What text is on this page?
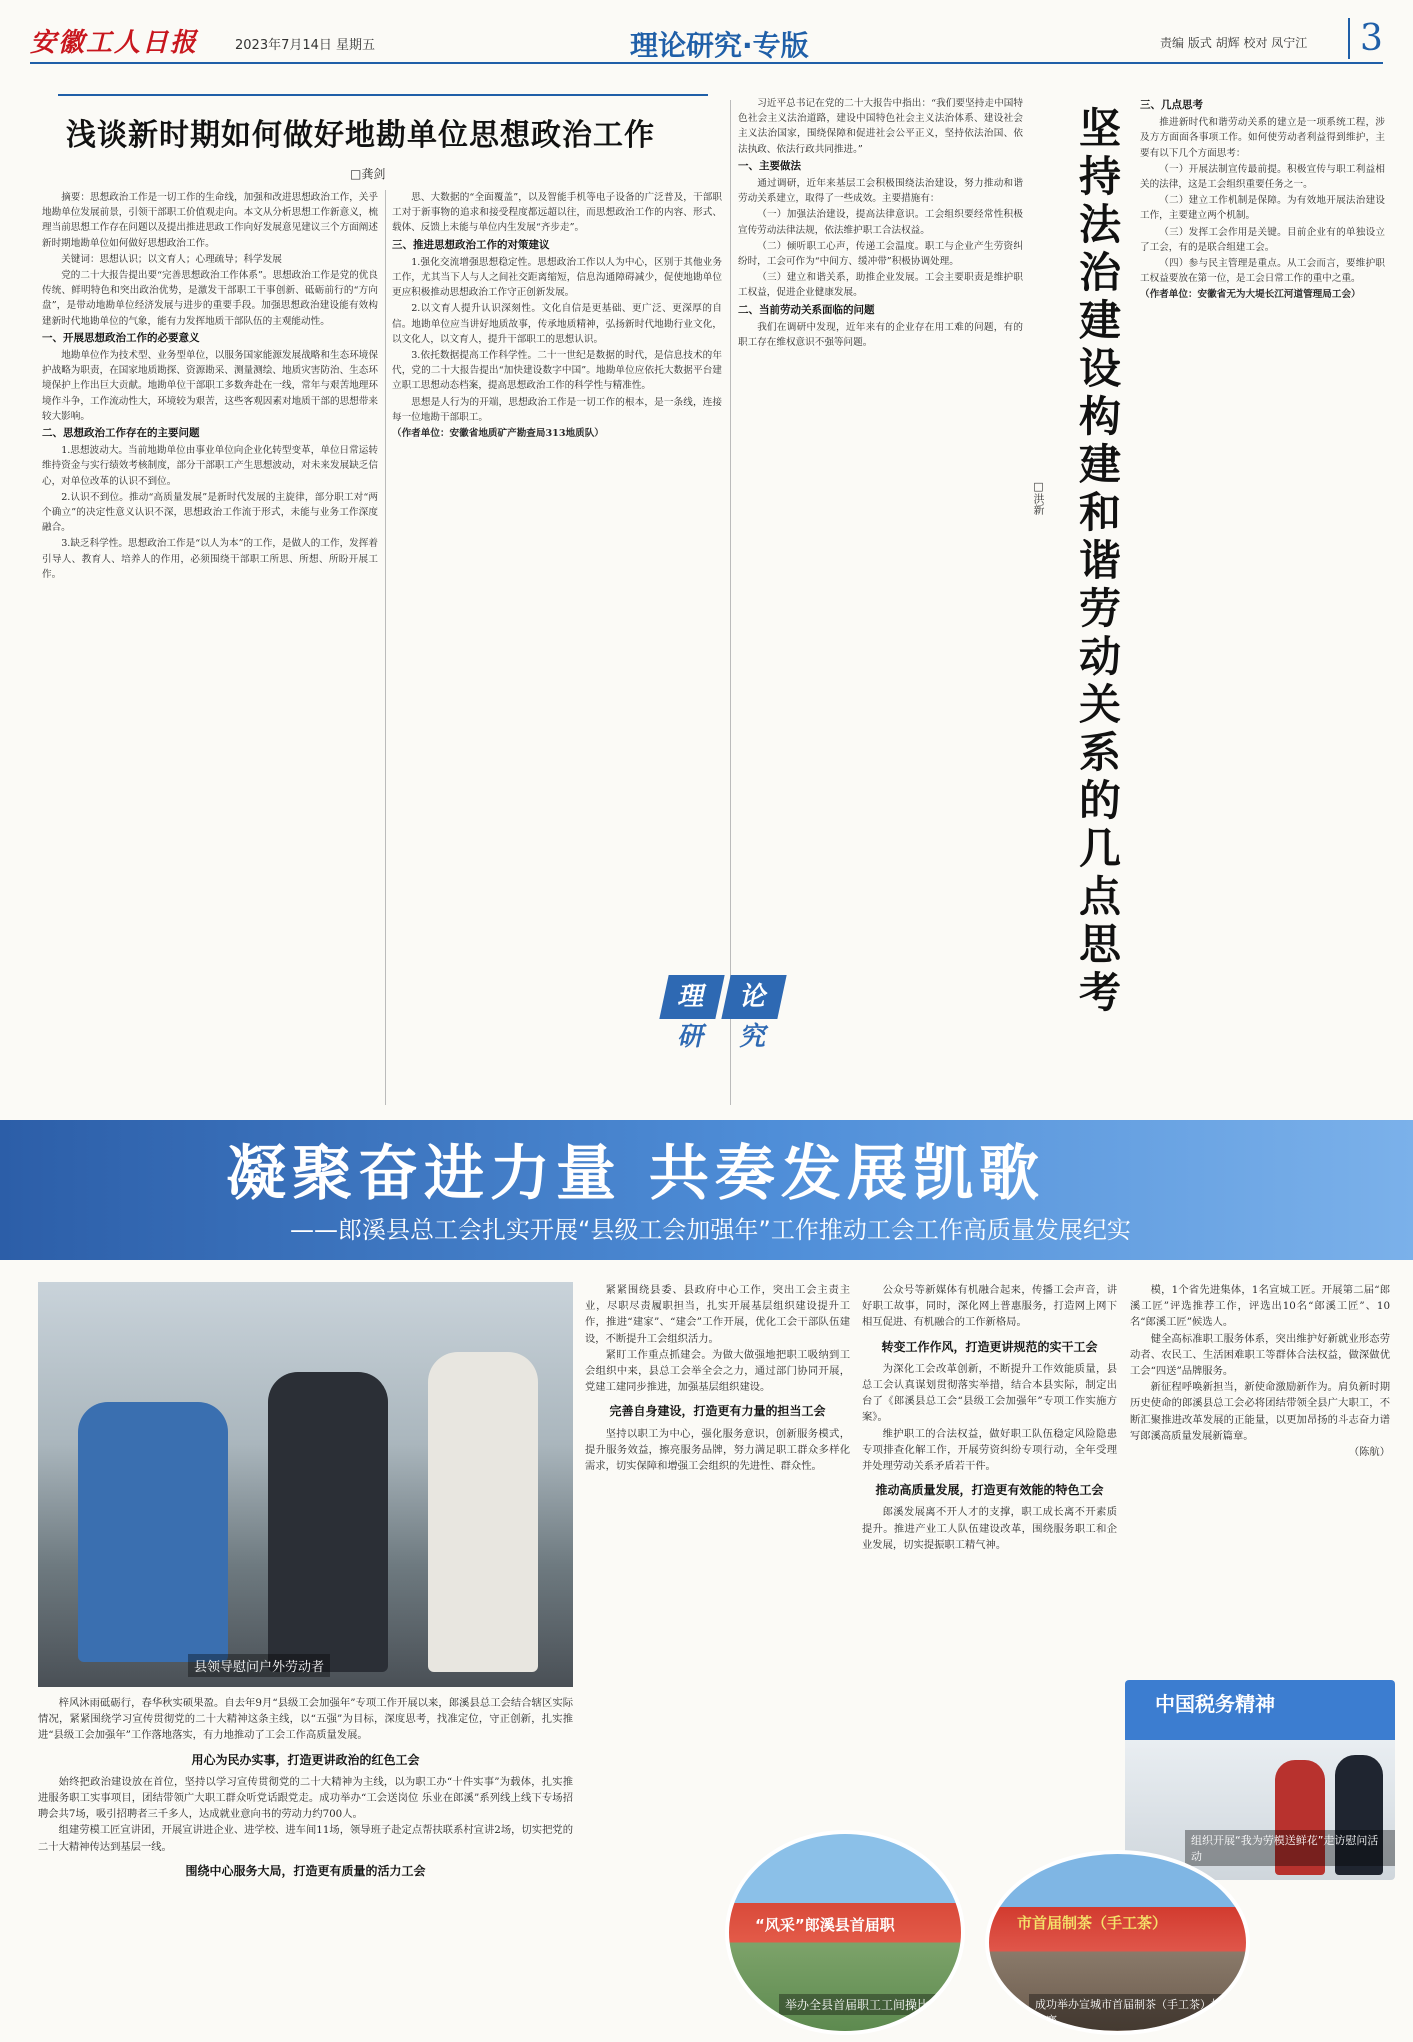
安徽工人日报	2023年7月14日 星期五	理论研究·专版	责编 版式 胡辉 校对 凤宁江	3
浅谈新时期如何做好地勘单位思想政治工作
□龚剑

摘要：思想政治工作是一切工作的生命线，加强和改进思想政治工作，关乎地勘单位发展前景，引领干部职工价值观走向。本文从分析思想工作新意义，梳理当前思想工作存在问题以及提出推进思政工作向好发展意见建议三个方面阐述新时期地勘单位如何做好思想政治工作。

关键词：思想认识；以文育人；心理疏导；科学发展

党的二十大报告提出要“完善思想政治工作体系”。思想政治工作是党的优良传统、鲜明特色和突出政治优势，是激发干部职工干事创新、砥砺前行的“方向盘”，是带动地勘单位经济发展与进步的重要手段。加强思想政治建设能有效构建新时代地勘单位的气象，能有力发挥地质干部队伍的主观能动性。

一、开展思想政治工作的必要意义

地勘单位作为技术型、业务型单位，以服务国家能源发展战略和生态环境保护战略为职责，在国家地质勘探、资源勘采、测量测绘、地质灾害防治、生态环境保护上作出巨大贡献。地勘单位干部职工多数奔赴在一线，常年与艰苦地理环境作斗争，工作流动性大，环境较为艰苦，这些客观因素对地质干部的思想带来较大影响。

二、思想政治工作存在的主要问题

1.思想波动大。当前地勘单位由事业单位向企业化转型变革，单位日常运转维持资金与实行绩效考核制度，部分干部职工产生思想波动，对未来发展缺乏信心，对单位改革的认识不到位。

2.认识不到位。推动“高质量发展”是新时代发展的主旋律，部分职工对“两个确立”的决定性意义认识不深，思想政治工作流于形式，未能与业务工作深度融合。

3.缺乏科学性。思想政治工作是“以人为本”的工作，是做人的工作，发挥着引导人、教育人、培养人的作用，必须围绕干部职工所思、所想、所盼开展工作。

思、大数据的“全面覆盖”，以及智能手机等电子设备的广泛普及，干部职工对于新事物的追求和接受程度都远超以往，而思想政治工作的内容、形式、载体、反馈上未能与单位内生发展“齐步走”。

三、推进思想政治工作的对策建议

1.强化交流增强思想稳定性。思想政治工作以人为中心，区别于其他业务工作，尤其当下人与人之间社交距离缩短，信息沟通障碍减少，促使地勘单位更应积极推动思想政治工作守正创新发展。

2.以文育人提升认识深刻性。文化自信是更基础、更广泛、更深厚的自信。地勘单位应当讲好地质故事，传承地质精神，弘扬新时代地勘行业文化，以文化人，以文育人，提升干部职工的思想认识。

3.依托数据提高工作科学性。二十一世纪是数据的时代，是信息技术的年代，党的二十大报告提出“加快建设数字中国”。地勘单位应依托大数据平台建立职工思想动态档案，提高思想政治工作的科学性与精准性。

思想是人行为的开端，思想政治工作是一切工作的根本，是一条线，连接每一位地勘干部职工。

（作者单位：安徽省地质矿产勘查局313地质队）

理	论
研	究

习近平总书记在党的二十大报告中指出：“我们要坚持走中国特色社会主义法治道路，建设中国特色社会主义法治体系、建设社会主义法治国家，围绕保障和促进社会公平正义，坚持依法治国、依法执政、依法行政共同推进。”

一、主要做法

通过调研，近年来基层工会积极围绕法治建设，努力推动和谐劳动关系建立，取得了一些成效。主要措施有：

（一）加强法治建设，提高法律意识。工会组织要经常性积极宣传劳动法律法规，依法维护职工合法权益。

（二）倾听职工心声，传递工会温度。职工与企业产生劳资纠纷时，工会可作为“中间方、缓冲带”积极协调处理。

（三）建立和谐关系，助推企业发展。工会主要职责是维护职工权益，促进企业健康发展。

二、当前劳动关系面临的问题

我们在调研中发现，近年来有的企业存在用工难的问题，有的职工存在维权意识不强等问题。	坚持法治建设构建和谐劳动关系的几点思考
□洪新
三、几点思考

推进新时代和谐劳动关系的建立是一项系统工程，涉及方方面面各事项工作。如何使劳动者利益得到维护，主要有以下几个方面思考：

（一）开展法制宣传最前提。积极宣传与职工利益相关的法律，这是工会组织重要任务之一。

（二）建立工作机制是保障。为有效地开展法治建设工作，主要建立两个机制。

（三）发挥工会作用是关键。目前企业有的单独设立了工会，有的是联合组建工会。

（四）参与民主管理是重点。从工会而言，要维护职工权益要放在第一位，是工会日常工作的重中之重。

（作者单位：安徽省无为大堤长江河道管理局工会）

凝聚奋进力量 共奏发展凯歌
——郎溪县总工会扎实开展“县级工会加强年”工作推动工会工作高质量发展纪实
县领导慰问户外劳动者

梓风沐雨砥砺行，春华秋实硕果盈。自去年9月“县级工会加强年”专项工作开展以来，郎溪县总工会结合辖区实际情况，紧紧围绕学习宣传贯彻党的二十大精神这条主线，以“五强”为目标，深度思考，找准定位，守正创新，扎实推进“县级工会加强年”工作落地落实，有力地推动了工会工作高质量发展。

用心为民办实事，打造更讲政治的红色工会

始终把政治建设放在首位，坚持以学习宣传贯彻党的二十大精神为主线，以为职工办“十件实事”为载体，扎实推进服务职工实事项目，团结带领广大职工群众听党话跟党走。成功举办“工会送岗位 乐业在郎溪”系列线上线下专场招聘会共7场，吸引招聘者三千多人，达成就业意向书的劳动力约700人。

组建劳模工匠宣讲团，开展宣讲进企业、进学校、进车间11场，领导班子赴定点帮扶联系村宣讲2场，切实把党的二十大精神传达到基层一线。

围绕中心服务大局，打造更有质量的活力工会

紧紧围绕县委、县政府中心工作，突出工会主责主业，尽职尽责履职担当，扎实开展基层组织建设提升工作，推进“建家”、“建会”工作开展，优化工会干部队伍建设，不断提升工会组织活力。

紧盯工作重点抓建会。为做大做强地把职工吸纳到工会组织中来，县总工会举全会之力，通过部门协同开展，党建工建同步推进，加强基层组织建设。

完善自身建设，打造更有力量的担当工会

坚持以职工为中心，强化服务意识，创新服务模式，提升服务效益，擦亮服务品牌，努力满足职工群众多样化需求，切实保障和增强工会组织的先进性、群众性。

公众号等新媒体有机融合起来，传播工会声音，讲好职工故事，同时，深化网上普惠服务，打造网上网下相互促进、有机融合的工作新格局。

转变工作作风，打造更讲规范的实干工会

为深化工会改革创新，不断提升工作效能质量，县总工会认真谋划贯彻落实举措，结合本县实际，制定出台了《郎溪县总工会“县级工会加强年”专项工作实施方案》。

维护职工的合法权益，做好职工队伍稳定风险隐患专项排查化解工作，开展劳资纠纷专项行动，全年受理并处理劳动关系矛盾若干件。

推动高质量发展，打造更有效能的特色工会

郎溪发展离不开人才的支撑，职工成长离不开素质提升。推进产业工人队伍建设改革，围绕服务职工和企业发展，切实提振职工精气神。

模，1个省先进集体，1名宣城工匠。开展第二届“郎溪工匠”评选推荐工作，评选出10名“郎溪工匠”、10名“郎溪工匠”候选人。

健全高标准职工服务体系，突出维护好新就业形态劳动者、农民工、生活困难职工等群体合法权益，做深做优工会“四送”品牌服务。

新征程呼唤新担当，新使命激励新作为。肩负新时期历史使命的郎溪县总工会必将团结带领全县广大职工，不断汇聚推进改革发展的正能量，以更加昂扬的斗志奋力谱写郎溪高质量发展新篇章。

（陈航）

中国税务精神
组织开展“我为劳模送鲜花”走访慰问活动
“风采”郎溪县首届职
举办全县首届职工工间操比赛
市首届制茶（手工茶）
成功举办宣城市首届制茶（手工茶）技能大赛
